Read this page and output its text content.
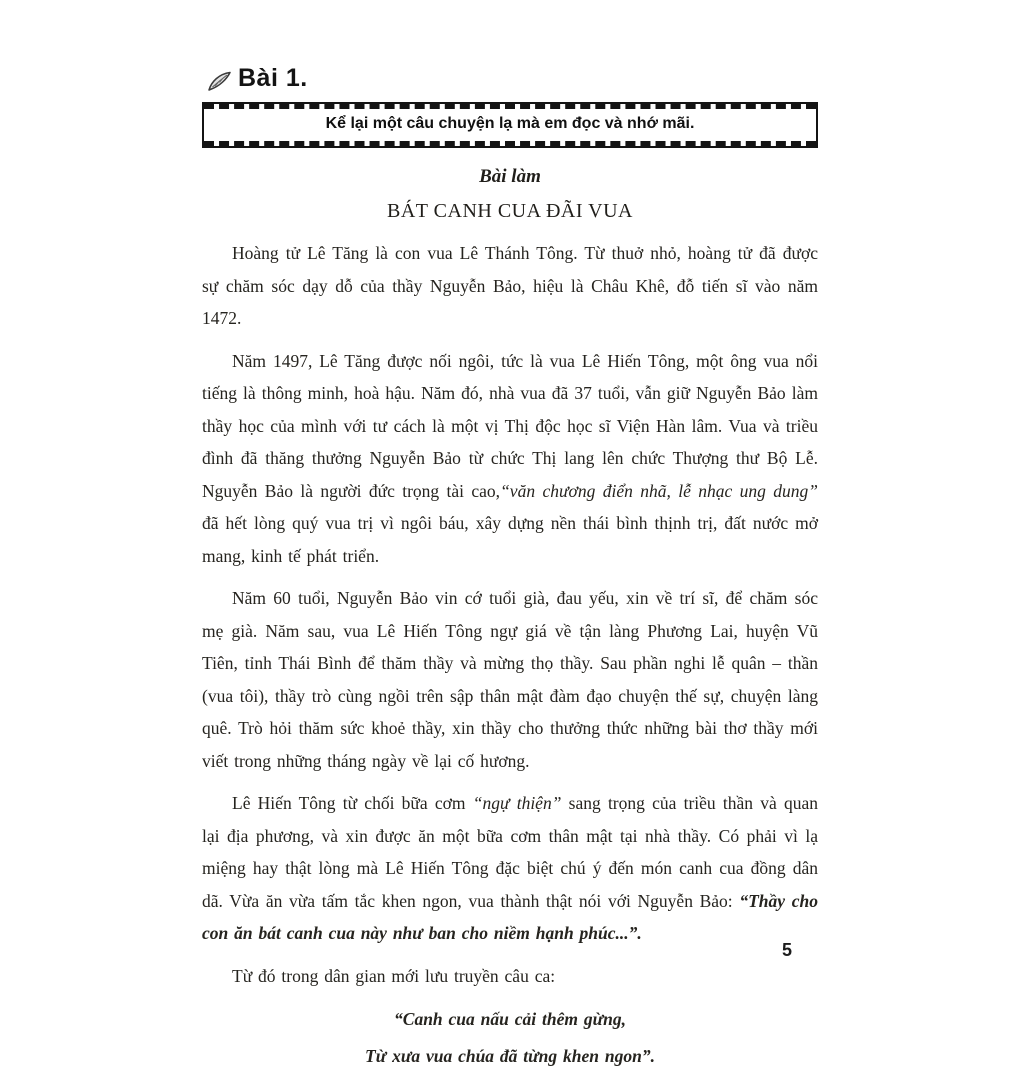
Bài 1.
Kể lại một câu chuyện lạ mà em đọc và nhớ mãi.
Bài làm
BÁT CANH CUA ĐÃI VUA

Hoàng tử Lê Tăng là con vua Lê Thánh Tông. Từ thuở nhỏ, hoàng tử đã được sự chăm sóc dạy dỗ của thầy Nguyễn Bảo, hiệu là Châu Khê, đỗ tiến sĩ vào năm 1472.

Năm 1497, Lê Tăng được nối ngôi, tức là vua Lê Hiến Tông, một ông vua nổi tiếng là thông minh, hoà hậu. Năm đó, nhà vua đã 37 tuổi, vẫn giữ Nguyễn Bảo làm thầy học của mình với tư cách là một vị Thị độc học sĩ Viện Hàn lâm. Vua và triều đình đã thăng thưởng Nguyễn Bảo từ chức Thị lang lên chức Thượng thư Bộ Lễ. Nguyễn Bảo là người đức trọng tài cao,“văn chương điển nhã, lễ nhạc ung dung” đã hết lòng quý vua trị vì ngôi báu, xây dựng nền thái bình thịnh trị, đất nước mở mang, kinh tế phát triển.

Năm 60 tuổi, Nguyễn Bảo vin cớ tuổi già, đau yếu, xin về trí sĩ, để chăm sóc mẹ già. Năm sau, vua Lê Hiến Tông ngự giá về tận làng Phương Lai, huyện Vũ Tiên, tỉnh Thái Bình để thăm thầy và mừng thọ thầy. Sau phần nghi lễ quân – thần (vua tôi), thầy trò cùng ngồi trên sập thân mật đàm đạo chuyện thế sự, chuyện làng quê. Trò hỏi thăm sức khoẻ thầy, xin thầy cho thưởng thức những bài thơ thầy mới viết trong những tháng ngày về lại cố hương.

Lê Hiến Tông từ chối bữa cơm “ngự thiện” sang trọng của triều thần và quan lại địa phương, và xin được ăn một bữa cơm thân mật tại nhà thầy. Có phải vì lạ miệng hay thật lòng mà Lê Hiến Tông đặc biệt chú ý đến món canh cua đồng dân dã. Vừa ăn vừa tấm tắc khen ngon, vua thành thật nói với Nguyễn Bảo: “Thầy cho con ăn bát canh cua này như ban cho niềm hạnh phúc...”.

Từ đó trong dân gian mới lưu truyền câu ca:

“Canh cua nấu cải thêm gừng,

Từ xưa vua chúa đã từng khen ngon”.

5
